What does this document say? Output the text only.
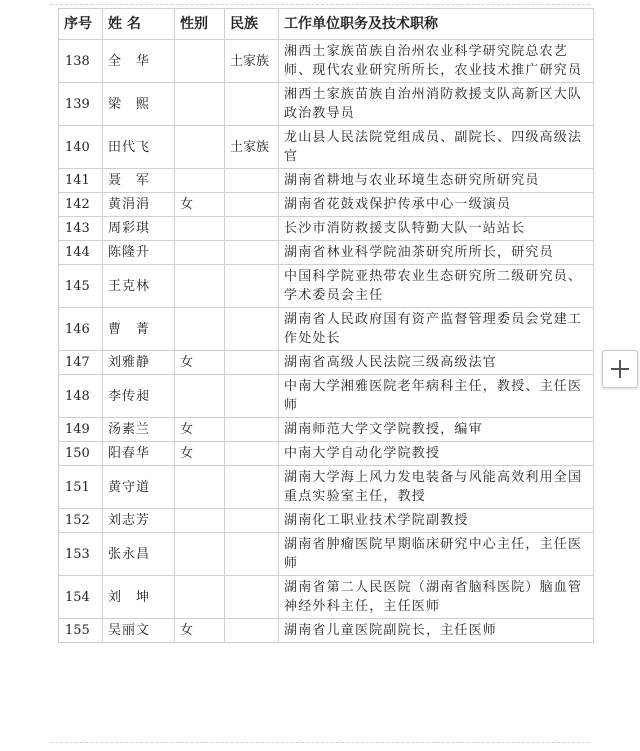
序号	姓 名	性别	民族	工作单位职务及技术职称
138	全　华		土家族	湘西土家族苗族自治州农业科学研究院总农艺师、现代农业研究所所长，农业技术推广研究员
139	梁　熙			湘西土家族苗族自治州消防救援支队高新区大队政治教导员
140	田代飞		土家族	龙山县人民法院党组成员、副院长、四级高级法官
141	聂　军			湖南省耕地与农业环境生态研究所研究员
142	黄涓涓	女		湖南省花鼓戏保护传承中心一级演员
143	周彩琪			长沙市消防救援支队特勤大队一站站长
144	陈隆升			湖南省林业科学院油茶研究所所长，研究员
145	王克林			中国科学院亚热带农业生态研究所二级研究员、学术委员会主任
146	曹　菁			湖南省人民政府国有资产监督管理委员会党建工作处处长
147	刘雅静	女		湖南省高级人民法院三级高级法官
148	李传昶			中南大学湘雅医院老年病科主任，教授、主任医师
149	汤素兰	女		湖南师范大学文学院教授，编审
150	阳春华	女		中南大学自动化学院教授
151	黄守道			湖南大学海上风力发电装备与风能高效利用全国重点实验室主任，教授
152	刘志芳			湖南化工职业技术学院副教授
153	张永昌			湖南省肿瘤医院早期临床研究中心主任，主任医师
154	刘　坤			湖南省第二人民医院（湖南省脑科医院）脑血管神经外科主任，主任医师
155	吴丽文	女		湖南省儿童医院副院长，主任医师
